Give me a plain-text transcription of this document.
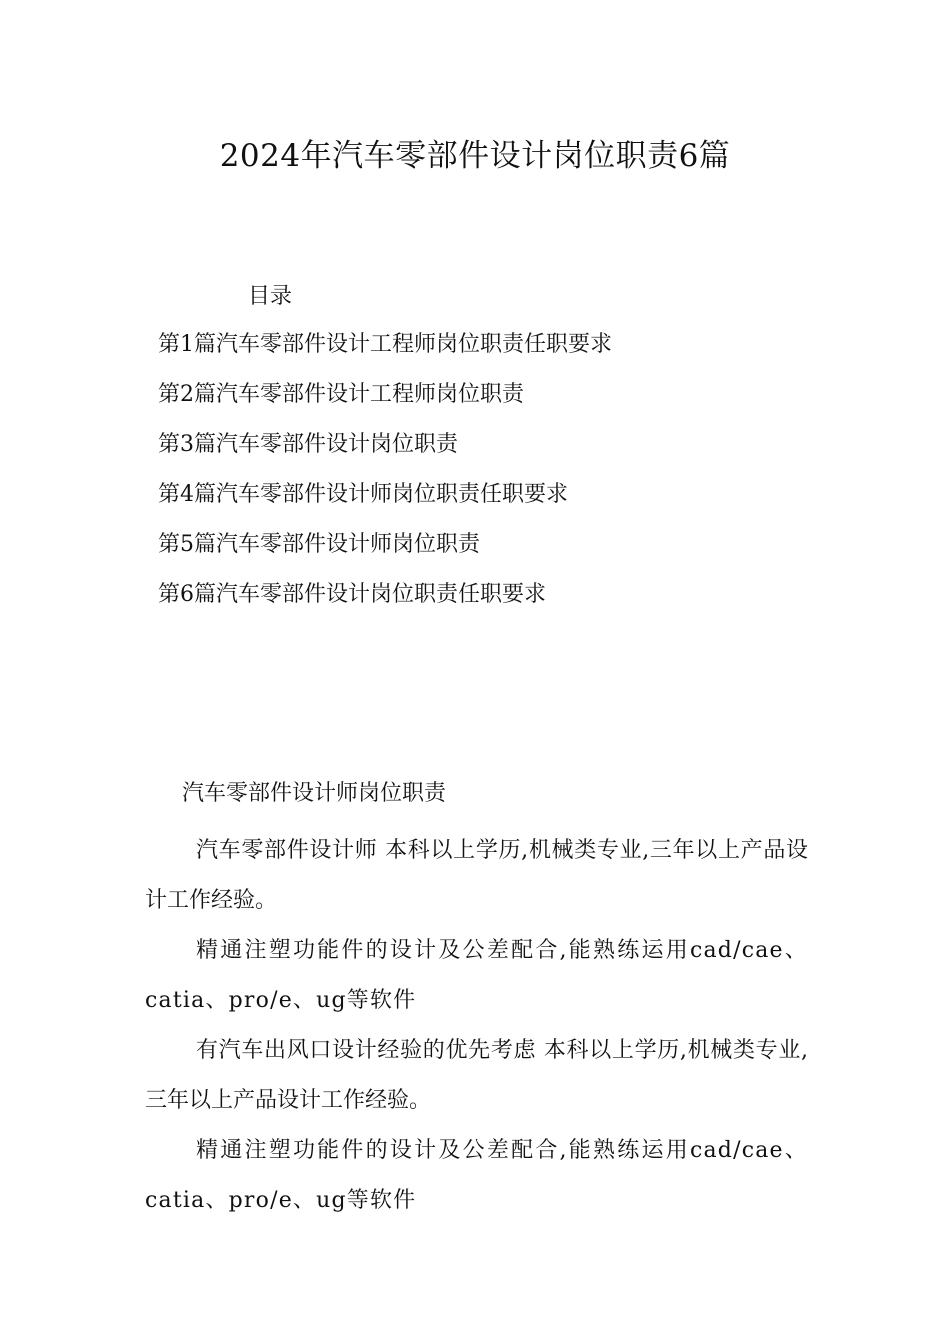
2024年汽车零部件设计岗位职责6篇
目录
第1篇汽车零部件设计工程师岗位职责任职要求
第2篇汽车零部件设计工程师岗位职责
第3篇汽车零部件设计岗位职责
第4篇汽车零部件设计师岗位职责任职要求
第5篇汽车零部件设计师岗位职责
第6篇汽车零部件设计岗位职责任职要求
汽车零部件设计师岗位职责

汽车零部件设计师 本科以上学历,机械类专业,三年以上产品设计工作经验。

精通注塑功能件的设计及公差配合,能熟练运用cad/cae、 catia、pro/e、ug等软件

有汽车出风口设计经验的优先考虑 本科以上学历,机械类专业,三年以上产品设计工作经验。

精通注塑功能件的设计及公差配合,能熟练运用cad/cae、 catia、pro/e、ug等软件
